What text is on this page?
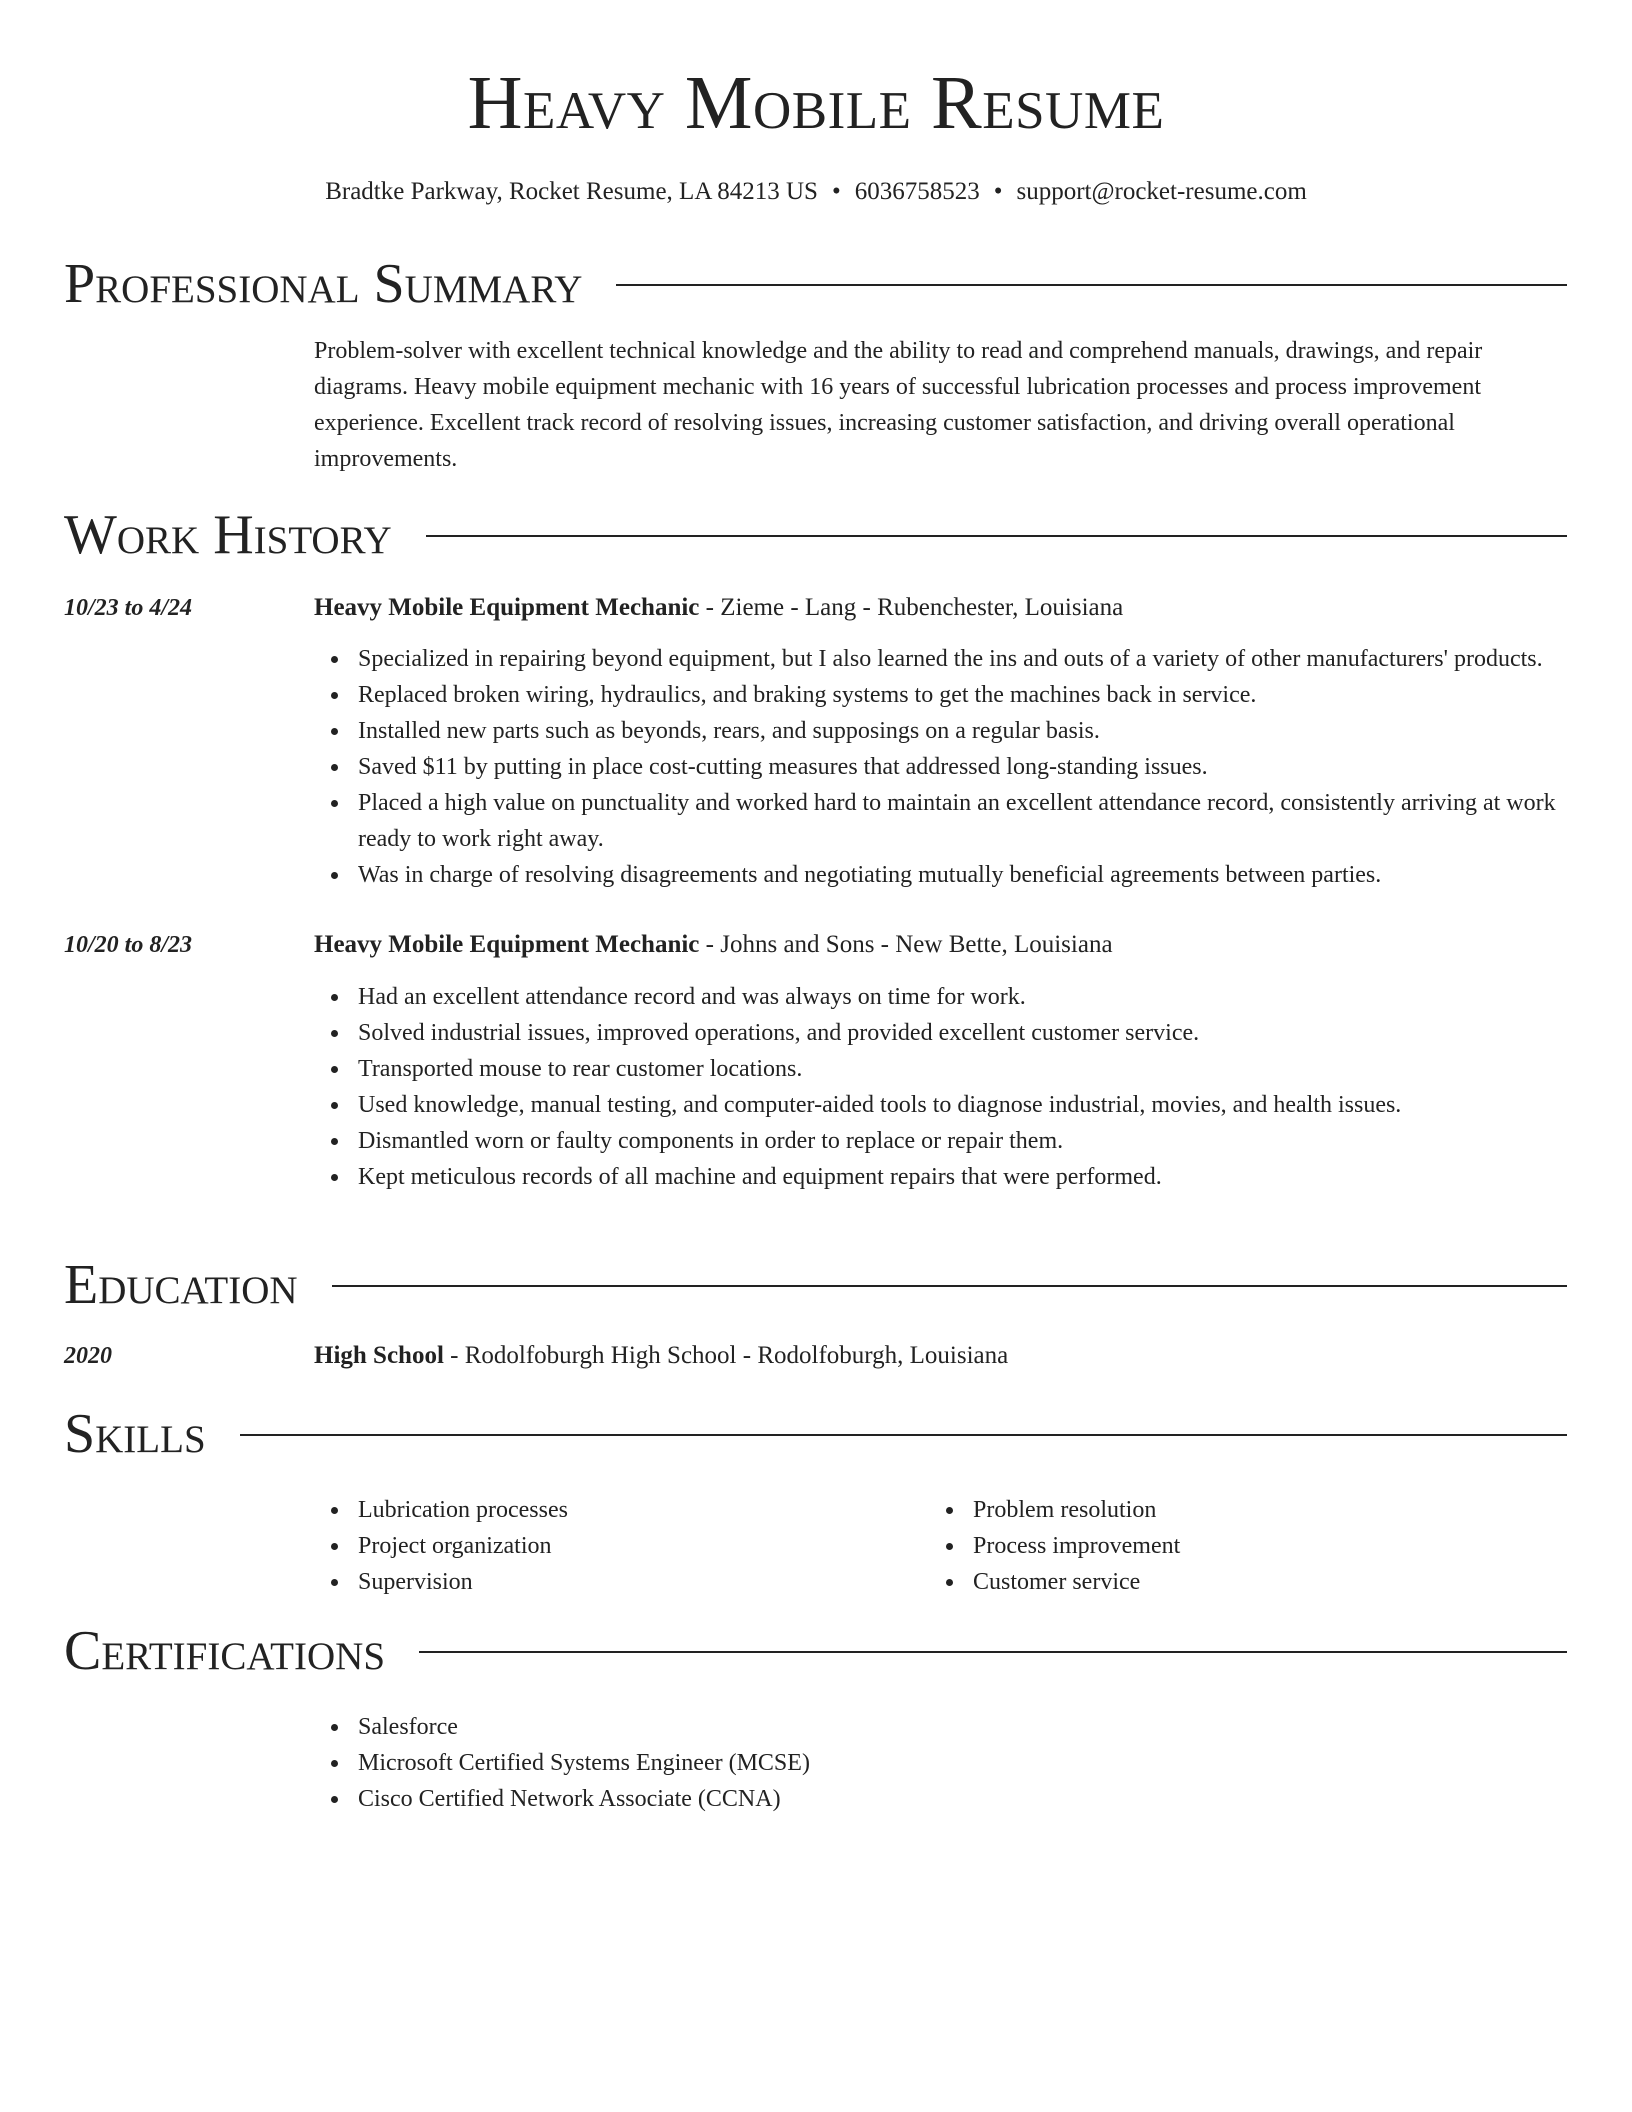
Heavy Mobile Resume
Bradtke Parkway, Rocket Resume, LA 84213 US • 6036758523 • support@rocket-resume.com
Professional Summary
Problem-solver with excellent technical knowledge and the ability to read and comprehend manuals, drawings, and repair diagrams. Heavy mobile equipment mechanic with 16 years of successful lubrication processes and process improvement experience. Excellent track record of resolving issues, increasing customer satisfaction, and driving overall operational improvements.
Work History
10/23 to 4/24	Heavy Mobile Equipment Mechanic - Zieme - Lang - Rubenchester, Louisiana
Specialized in repairing beyond equipment, but I also learned the ins and outs of a variety of other manufacturers' products.
Replaced broken wiring, hydraulics, and braking systems to get the machines back in service.
Installed new parts such as beyonds, rears, and supposings on a regular basis.
Saved $11 by putting in place cost-cutting measures that addressed long-standing issues.
Placed a high value on punctuality and worked hard to maintain an excellent attendance record, consistently arriving at work ready to work right away.
Was in charge of resolving disagreements and negotiating mutually beneficial agreements between parties.
10/20 to 8/23	Heavy Mobile Equipment Mechanic - Johns and Sons - New Bette, Louisiana
Had an excellent attendance record and was always on time for work.
Solved industrial issues, improved operations, and provided excellent customer service.
Transported mouse to rear customer locations.
Used knowledge, manual testing, and computer-aided tools to diagnose industrial, movies, and health issues.
Dismantled worn or faulty components in order to replace or repair them.
Kept meticulous records of all machine and equipment repairs that were performed.
Education
2020	High School - Rodolfoburgh High School - Rodolfoburgh, Louisiana
Skills
Lubrication processes
Project organization
Supervision
Problem resolution
Process improvement
Customer service
Certifications
Salesforce
Microsoft Certified Systems Engineer (MCSE)
Cisco Certified Network Associate (CCNA)
